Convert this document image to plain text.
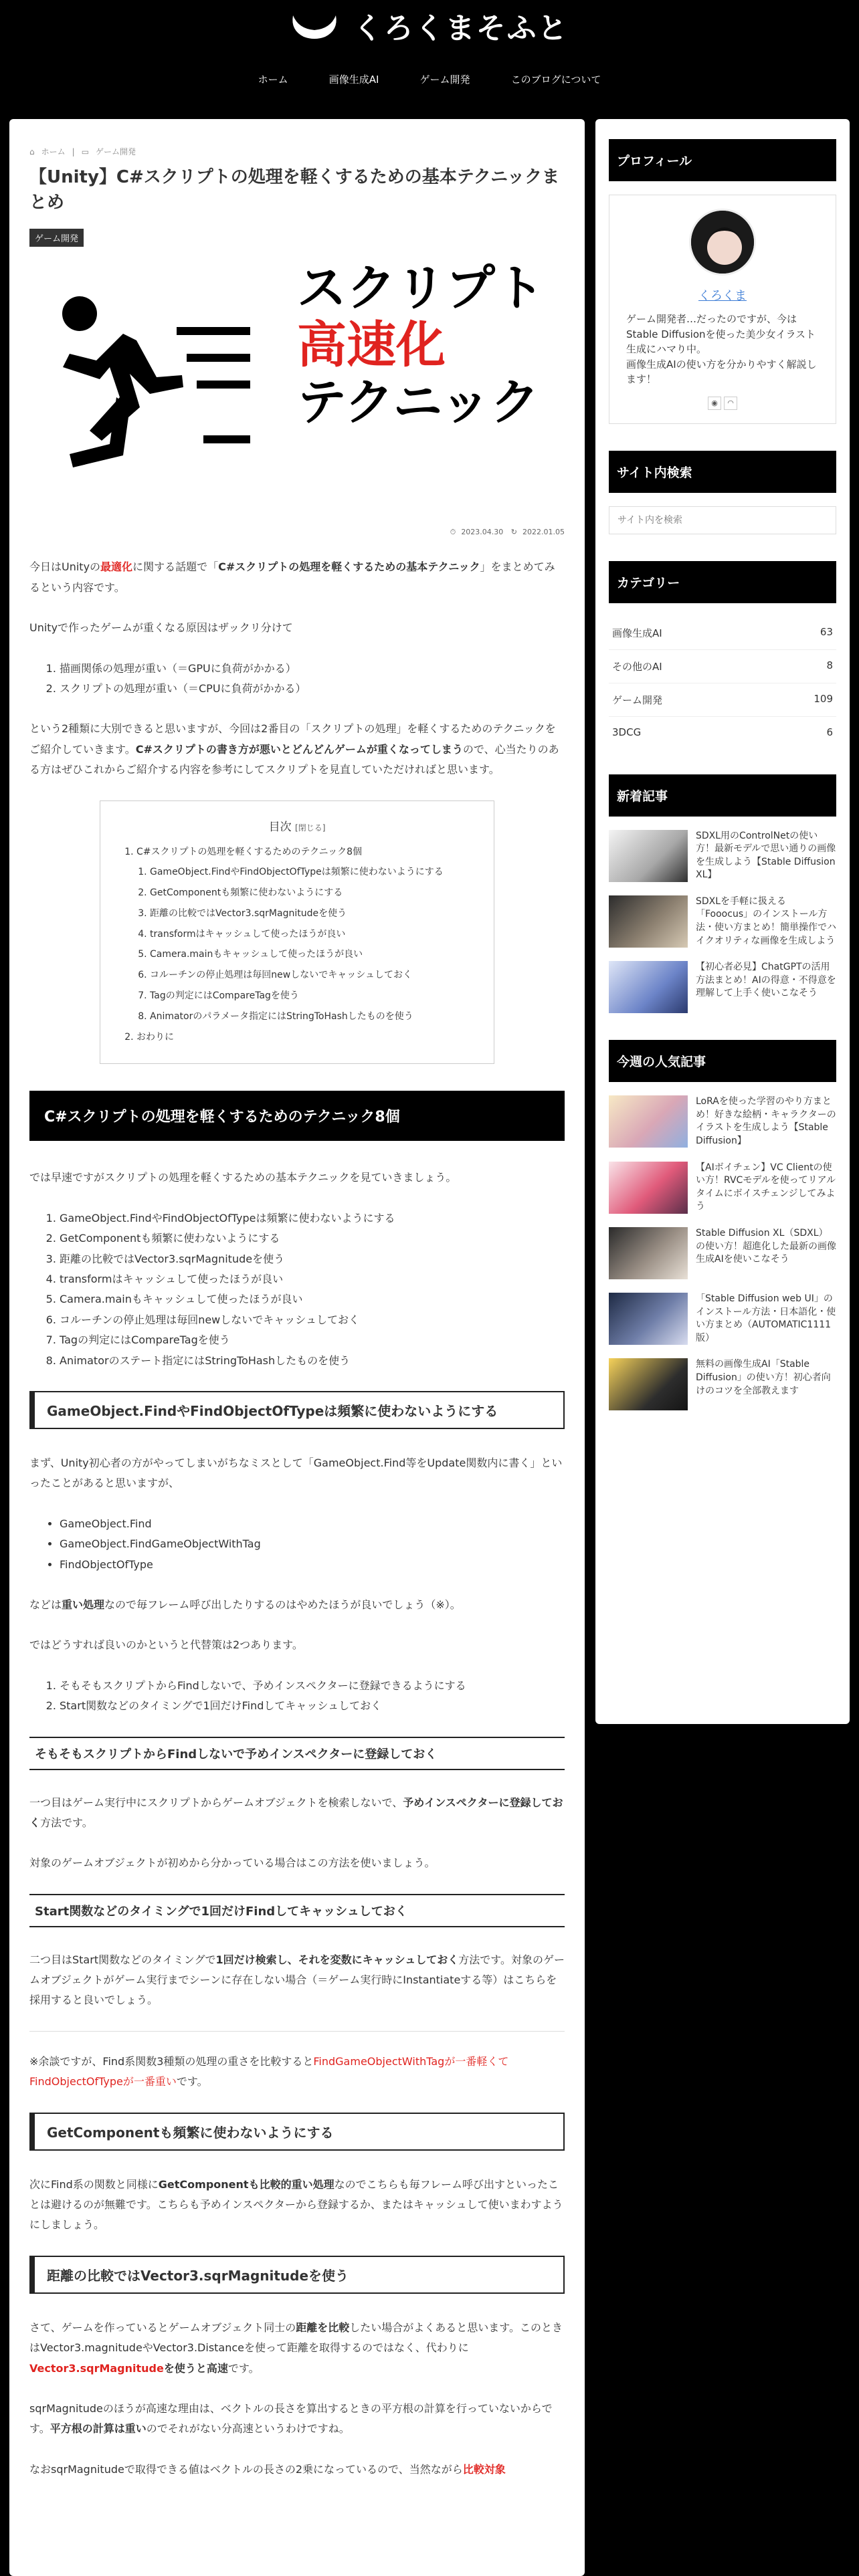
くろくまそふと
ホーム	画像生成AI	ゲーム開発	このブログについて
⌂ ホーム | ▭ ゲーム開発
【Unity】C#スクリプトの処理を軽くするための基本テクニックまとめ
ゲーム開発
スクリプト
高速化
テクニック
⏱ 2023.04.30 ↻ 2022.01.05

今日はUnityの最適化に関する話題で「C#スクリプトの処理を軽くするための基本テクニック」をまとめてみるという内容です。

Unityで作ったゲームが重くなる原因はザックリ分けて

1. 描画関係の処理が重い（＝GPUに負荷がかかる）
2. スクリプトの処理が重い（＝CPUに負荷がかかる）

という2種類に大別できると思いますが、今回は2番目の「スクリプトの処理」を軽くするためのテクニックをご紹介していきます。C#スクリプトの書き方が悪いとどんどんゲームが重くなってしまうので、心当たりのある方はぜひこれからご紹介する内容を参考にしてスクリプトを見直していただければと思います。

目次 [閉じる]
1. C#スクリプトの処理を軽くするためのテクニック8個
1. GameObject.FindやFindObjectOfTypeは頻繁に使わないようにする
2. GetComponentも頻繁に使わないようにする
3. 距離の比較ではVector3.sqrMagnitudeを使う
4. transformはキャッシュして使ったほうが良い
5. Camera.mainもキャッシュして使ったほうが良い
6. コルーチンの停止処理は毎回newしないでキャッシュしておく
7. Tagの判定にはCompareTagを使う
8. Animatorのパラメータ指定にはStringToHashしたものを使う
2. おわりに
C#スクリプトの処理を軽くするためのテクニック8個

では早速ですがスクリプトの処理を軽くするための基本テクニックを見ていきましょう。

1. GameObject.FindやFindObjectOfTypeは頻繁に使わないようにする
2. GetComponentも頻繁に使わないようにする
3. 距離の比較ではVector3.sqrMagnitudeを使う
4. transformはキャッシュして使ったほうが良い
5. Camera.mainもキャッシュして使ったほうが良い
6. コルーチンの停止処理は毎回newしないでキャッシュしておく
7. Tagの判定にはCompareTagを使う
8. Animatorのステート指定にはStringToHashしたものを使う
GameObject.FindやFindObjectOfTypeは頻繁に使わないようにする

まず、Unity初心者の方がやってしまいがちなミスとして「GameObject.Find等をUpdate関数内に書く」といったことがあると思いますが、

• GameObject.Find
• GameObject.FindGameObjectWithTag
• FindObjectOfType

などは重い処理なので毎フレーム呼び出したりするのはやめたほうが良いでしょう（※）。

ではどうすれば良いのかというと代替策は2つあります。

1. そもそもスクリプトからFindしないで、予めインスペクターに登録できるようにする
2. Start関数などのタイミングで1回だけFindしてキャッシュしておく
そもそもスクリプトからFindしないで予めインスペクターに登録しておく

一つ目はゲーム実行中にスクリプトからゲームオブジェクトを検索しないで、予めインスペクターに登録しておく方法です。

対象のゲームオブジェクトが初めから分かっている場合はこの方法を使いましょう。

Start関数などのタイミングで1回だけFindしてキャッシュしておく

二つ目はStart関数などのタイミングで1回だけ検索し、それを変数にキャッシュしておく方法です。対象のゲームオブジェクトがゲーム実行までシーンに存在しない場合（＝ゲーム実行時にInstantiateする等）はこちらを採用すると良いでしょう。

※余談ですが、Find系関数3種類の処理の重さを比較するとFindGameObjectWithTagが一番軽くてFindObjectOfTypeが一番重いです。

GetComponentも頻繁に使わないようにする

次にFind系の関数と同様にGetComponentも比較的重い処理なのでこちらも毎フレーム呼び出すといったことは避けるのが無難です。こちらも予めインスペクターから登録するか、またはキャッシュして使いまわすようにしましょう。

距離の比較ではVector3.sqrMagnitudeを使う

さて、ゲームを作っているとゲームオブジェクト同士の距離を比較したい場合がよくあると思います。このときはVector3.magnitudeやVector3.Distanceを使って距離を取得するのではなく、代わりにVector3.sqrMagnitudeを使うと高速です。

sqrMagnitudeのほうが高速な理由は、ベクトルの長さを算出するときの平方根の計算を行っていないからです。平方根の計算は重いのでそれがない分高速というわけですね。

なおsqrMagnitudeで取得できる値はベクトルの長さの2乗になっているので、当然ながら比較対象

プロフィール
くろくま
ゲーム開発者…だったのですが、今はStable Diffusionを使った美少女イラスト生成にハマり中。
画像生成AIの使い方を分かりやすく解説します！
◉ ◠
サイト内検索
サイト内を検索
カテゴリー
画像生成AI	63
その他のAI	8
ゲーム開発	109
3DCG	6
新着記事
SDXL用のControlNetの使い方！最新モデルで思い通りの画像を生成しよう【Stable Diffusion XL】
SDXLを手軽に扱える「Fooocus」のインストール方法・使い方まとめ！簡単操作でハイクオリティな画像を生成しよう
【初心者必見】ChatGPTの活用方法まとめ！AIの得意・不得意を理解して上手く使いこなそう
今週の人気記事
LoRAを使った学習のやり方まとめ！好きな絵柄・キャラクターのイラストを生成しよう【Stable Diffusion】
【AIボイチェン】VC Clientの使い方！RVCモデルを使ってリアルタイムにボイスチェンジしてみよう
Stable Diffusion XL（SDXL）の使い方！超進化した最新の画像生成AIを使いこなそう
「Stable Diffusion web UI」のインストール方法・日本語化・使い方まとめ（AUTOMATIC1111版）
無料の画像生成AI「Stable Diffusion」の使い方！初心者向けのコツを全部教えます
